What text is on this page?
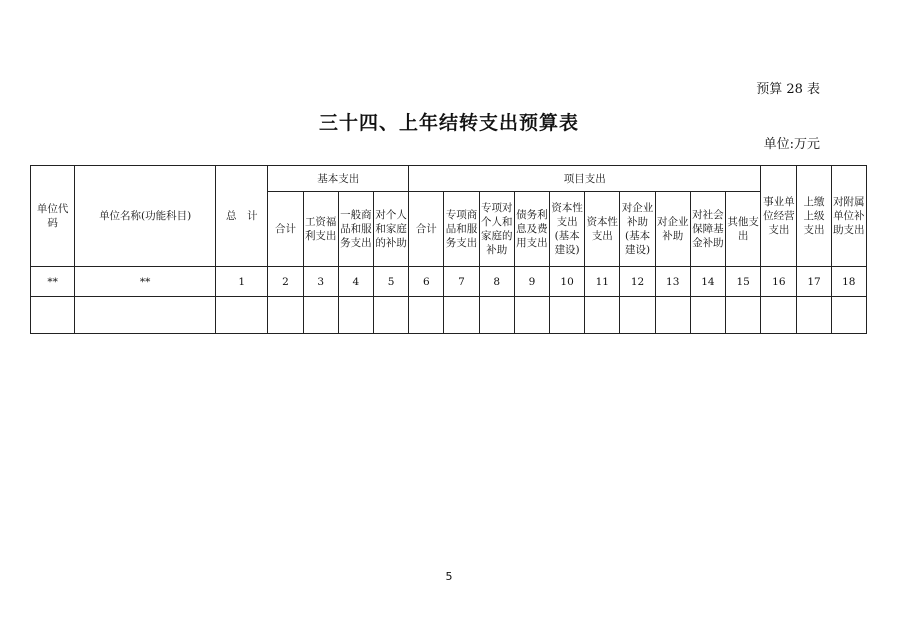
预算 28 表
三十四、上年结转支出预算表
单位:万元
单位代码	单位名称(功能科目)	总　计	基本支出				项目支出										事业单位经营支出	上缴上级支出	对附属单位补助支出
			合计	工资福利支出	一般商品和服务支出	对个人和家庭的补助	合计	专项商品和服务支出	专项对个人和家庭的补助	债务利息及费用支出	资本性支出(基本建设)	资本性支出	对企业补助(基本建设)	对企业补助	对社会保障基金补助	其他支出			
**	**	1	2	3	4	5	6	7	8	9	10	11	12	13	14	15	16	17	18

5
